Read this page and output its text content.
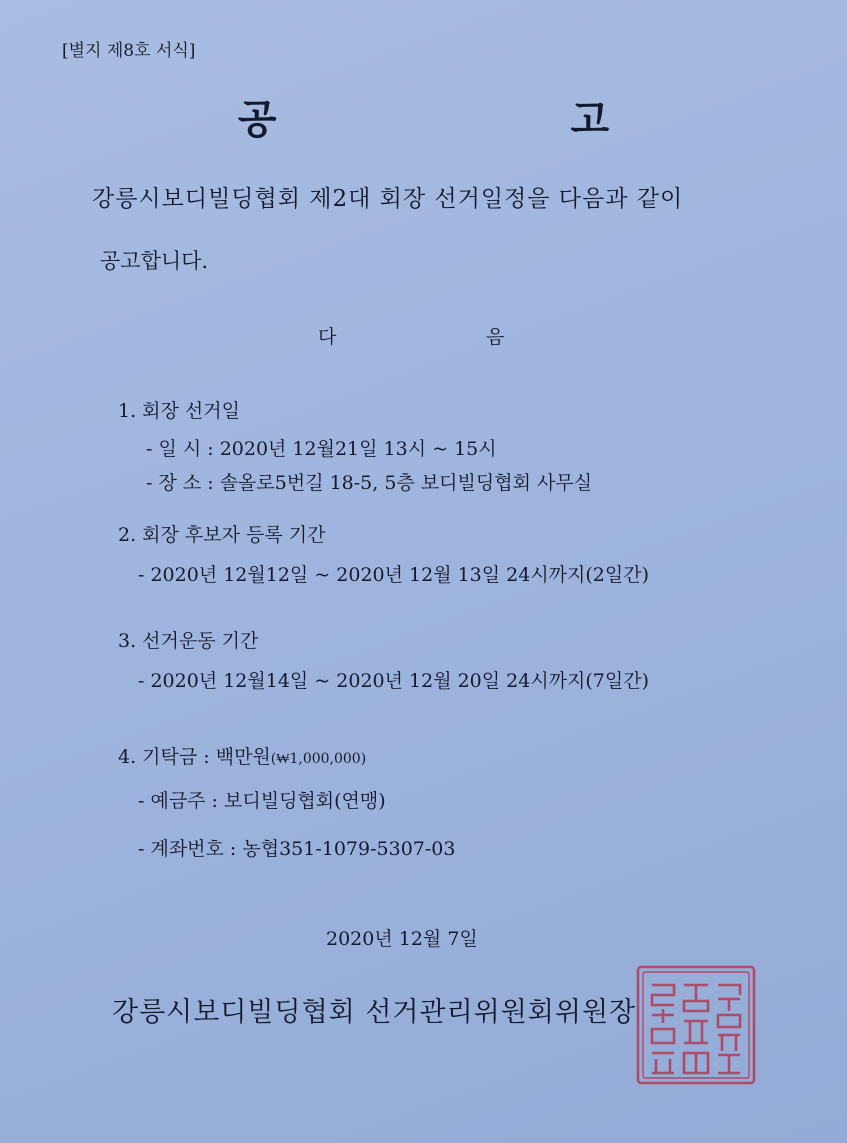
[별지 제8호 서식]
공 고
강릉시보디빌딩협회 제2대 회장 선거일정을 다음과 같이
공고합니다.
다	음
1. 회장 선거일
- 일 시 : 2020년 12월21일 13시 ~ 15시
- 장 소 : 솔올로5번길 18-5, 5층 보디빌딩협회 사무실
2. 회장 후보자 등록 기간
- 2020년 12월12일 ~ 2020년 12월 13일 24시까지(2일간)
3. 선거운동 기간
- 2020년 12월14일 ~ 2020년 12월 20일 24시까지(7일간)
4. 기탁금 : 백만원(₩1,000,000)
- 예금주 : 보디빌딩협회(연맹)
- 계좌번호 : 농협351-1079-5307-03
2020년 12월 7일
강릉시보디빌딩협회 선거관리위원회위원장
